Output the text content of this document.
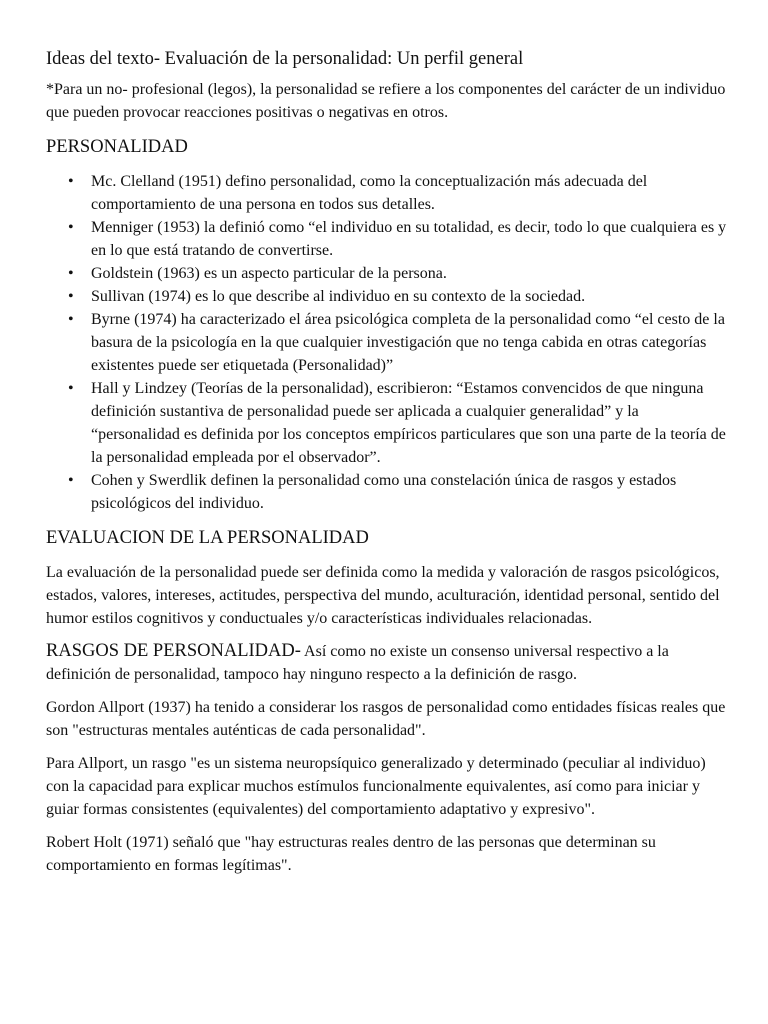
Ideas del texto- Evaluación de la personalidad: Un perfil general

*Para un no- profesional (legos), la personalidad se refiere a los componentes del carácter de un individuo que pueden provocar reacciones positivas o negativas en otros.

PERSONALIDAD
• Mc. Clelland (1951) defino personalidad, como la conceptualización más adecuada del comportamiento de una persona en todos sus detalles.
• Menniger (1953) la definió como “el individuo en su totalidad, es decir, todo lo que cualquiera es y en lo que está tratando de convertirse.
• Goldstein (1963) es un aspecto particular de la persona.
• Sullivan (1974) es lo que describe al individuo en su contexto de la sociedad.
• Byrne (1974) ha caracterizado el área psicológica completa de la personalidad como “el cesto de la basura de la psicología en la que cualquier investigación que no tenga cabida en otras categorías existentes puede ser etiquetada (Personalidad)”
• Hall y Lindzey (Teorías de la personalidad), escribieron: “Estamos convencidos de que ninguna definición sustantiva de personalidad puede ser aplicada a cualquier generalidad” y la “personalidad es definida por los conceptos empíricos particulares que son una parte de la teoría de la personalidad empleada por el observador”.
• Cohen y Swerdlik definen la personalidad como una constelación única de rasgos y estados psicológicos del individuo.
EVALUACION DE LA PERSONALIDAD

La evaluación de la personalidad puede ser definida como la medida y valoración de rasgos psicológicos, estados, valores, intereses, actitudes, perspectiva del mundo, aculturación, identidad personal, sentido del humor estilos cognitivos y conductuales y/o características individuales relacionadas.

RASGOS DE PERSONALIDAD- Así como no existe un consenso universal respectivo a la definición de personalidad, tampoco hay ninguno respecto a la definición de rasgo.

Gordon Allport (1937) ha tenido a considerar los rasgos de personalidad como entidades físicas reales que son "estructuras mentales auténticas de cada personalidad".

Para Allport, un rasgo "es un sistema neuropsíquico generalizado y determinado (peculiar al individuo) con la capacidad para explicar muchos estímulos funcionalmente equivalentes, así como para iniciar y guiar formas consistentes (equivalentes) del comportamiento adaptativo y expresivo".

Robert Holt (1971) señaló que "hay estructuras reales dentro de las personas que determinan su comportamiento en formas legítimas".
